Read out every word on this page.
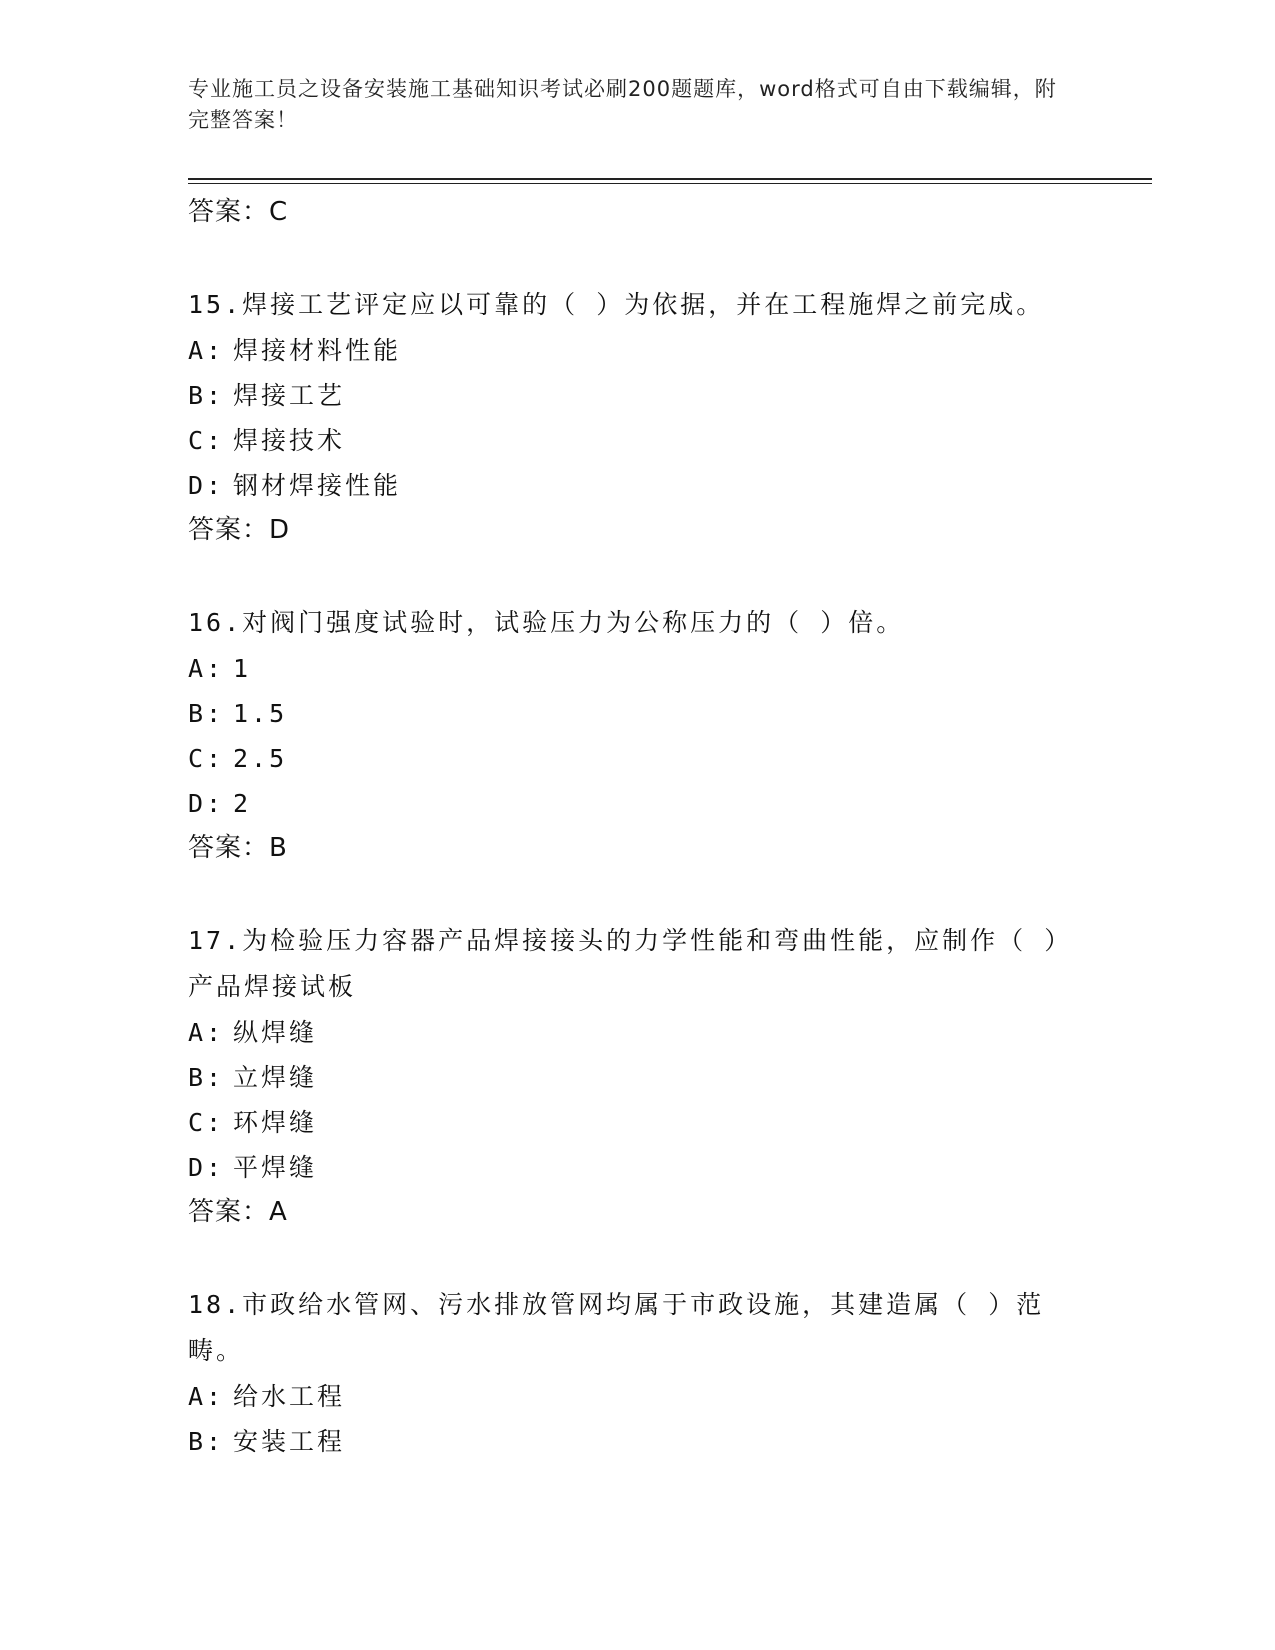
专业施工员之设备安装施工基础知识考试必刷200题题库，word格式可自由下载编辑，附完整答案！
答案：C
15.焊接工艺评定应以可靠的（ ）为依据，并在工程施焊之前完成。
A: 焊接材料性能
B: 焊接工艺
C: 焊接技术
D: 钢材焊接性能
答案：D
16.对阀门强度试验时，试验压力为公称压力的（ ）倍。
A: 1
B: 1.5
C: 2.5
D: 2
答案：B
17.为检验压力容器产品焊接接头的力学性能和弯曲性能，应制作（ ）产品焊接试板
A: 纵焊缝
B: 立焊缝
C: 环焊缝
D: 平焊缝
答案：A
18.市政给水管网、污水排放管网均属于市政设施，其建造属（ ）范畴。
A: 给水工程
B: 安装工程
